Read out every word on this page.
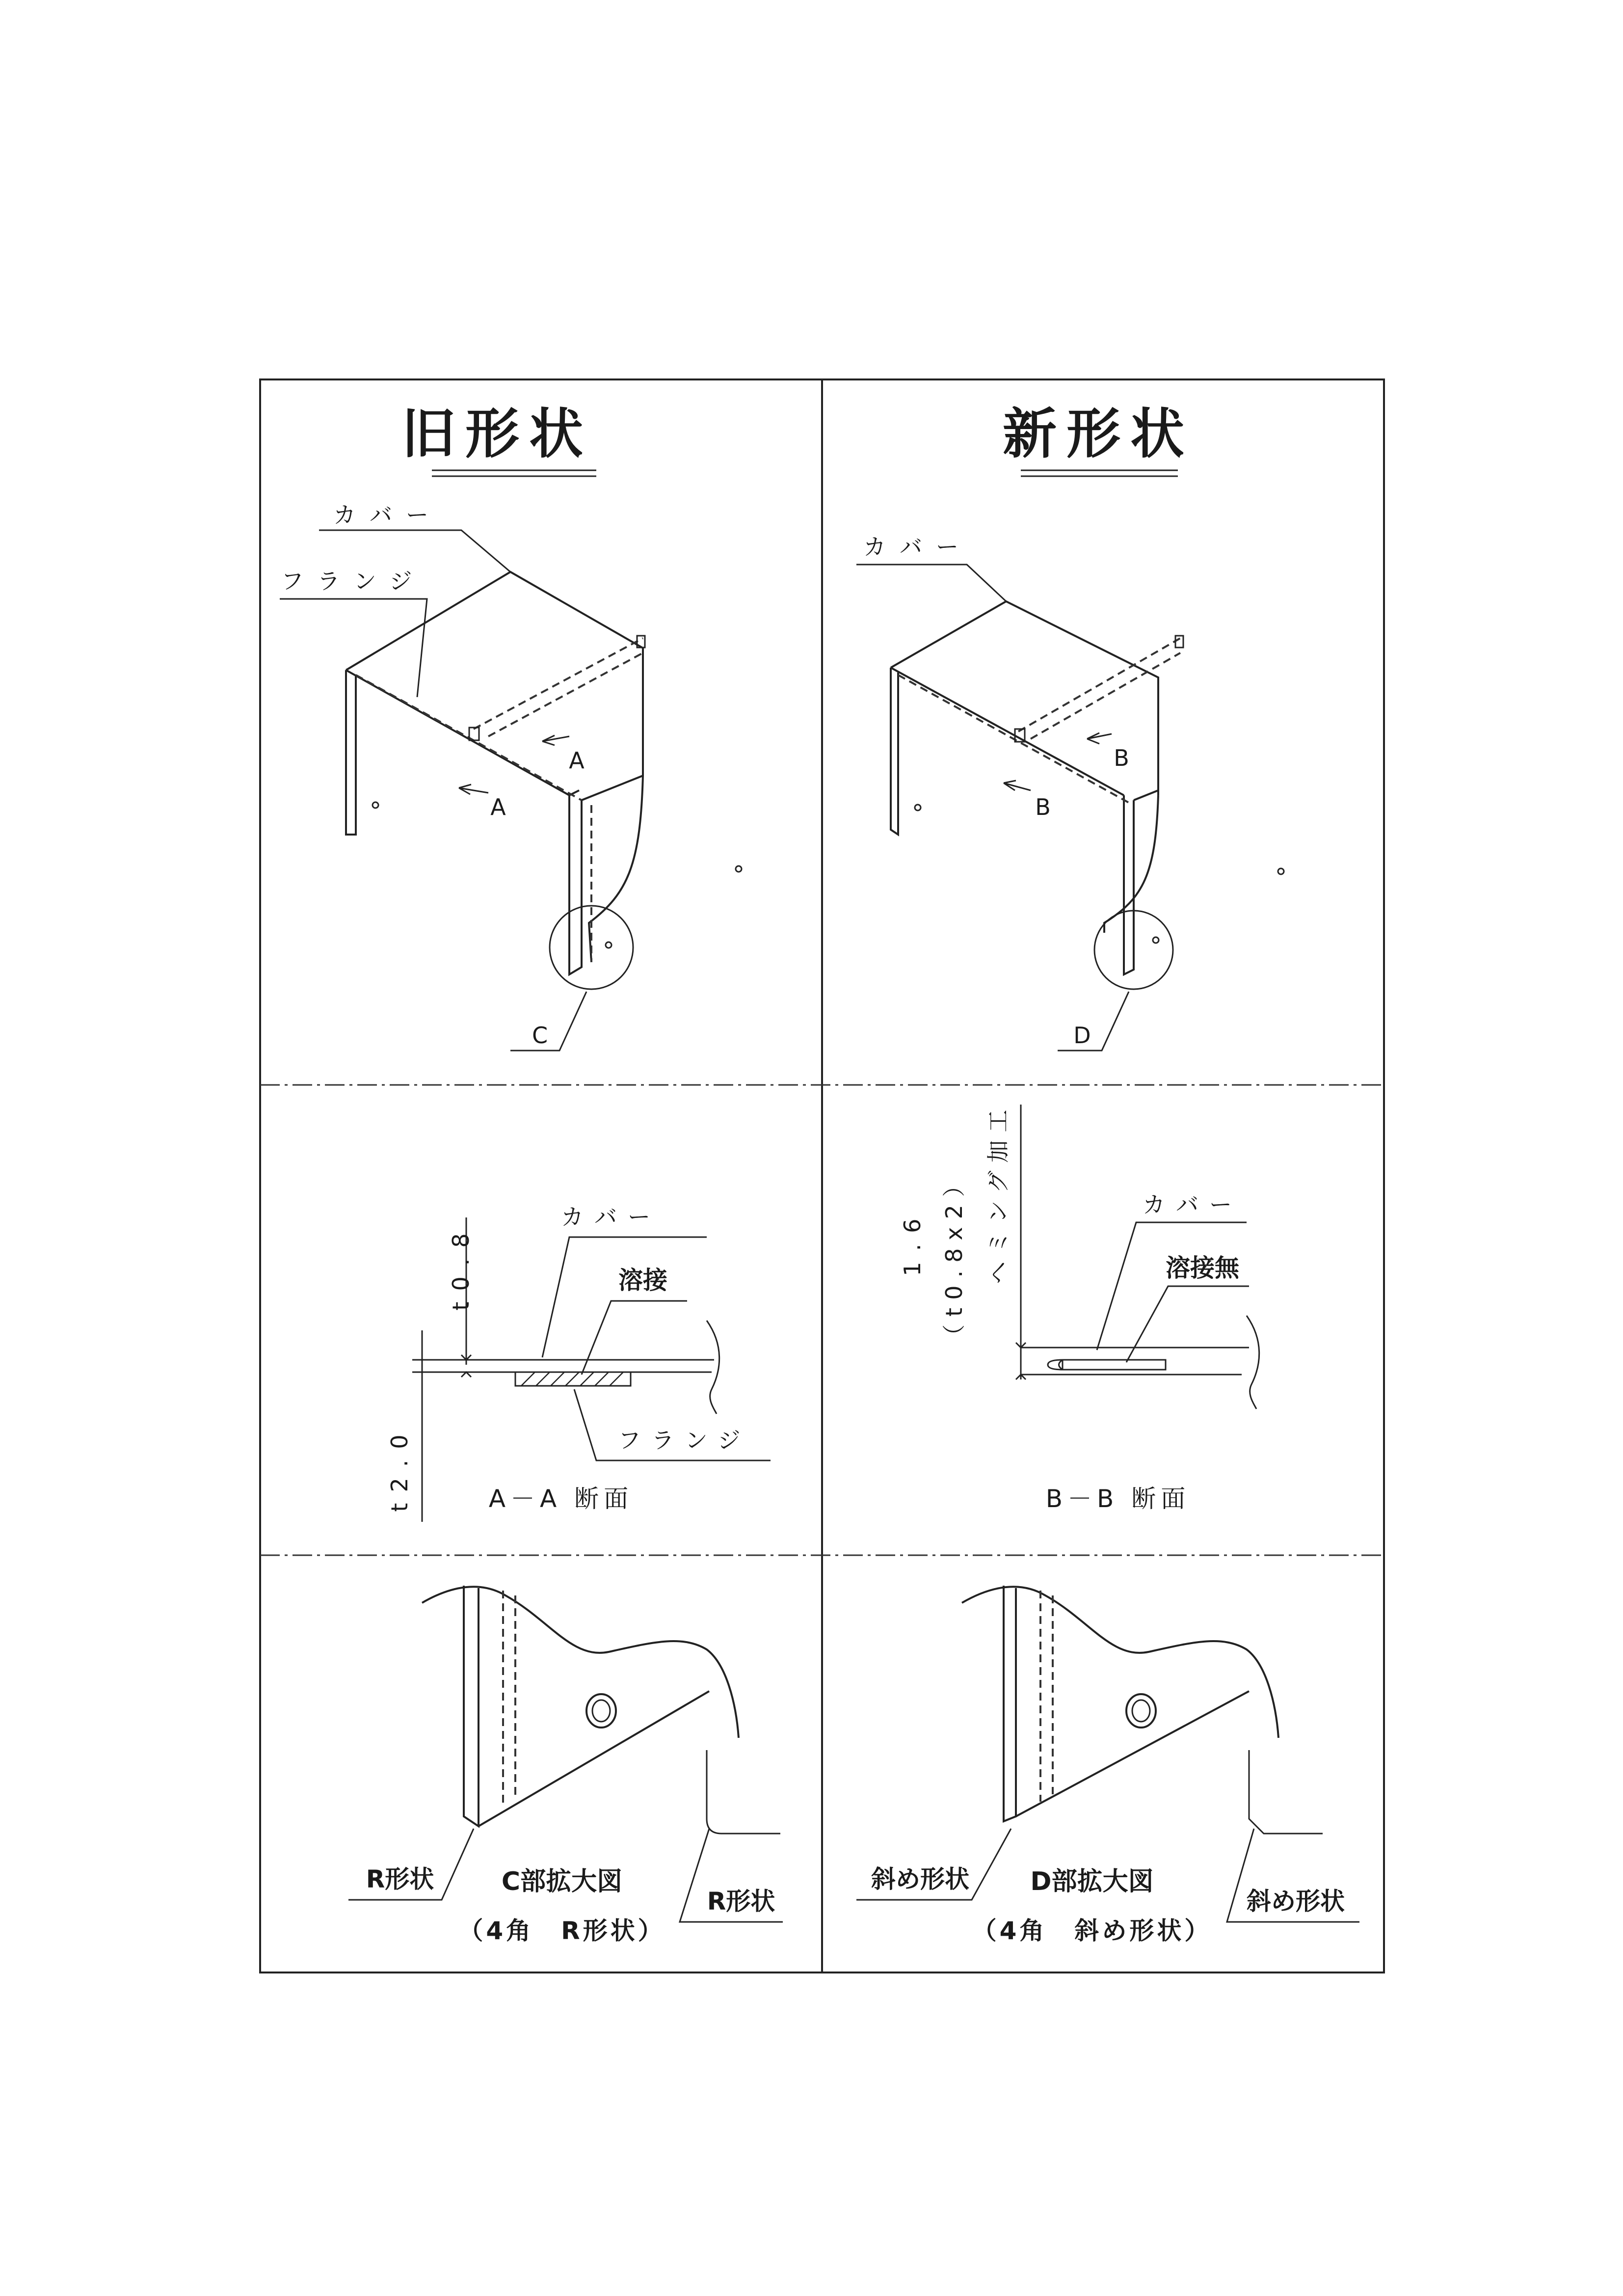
旧形状
カバー
フランジ
A
A
C
t0.8
t2.0
カバー
溶接
フランジ
A－A 断面
R形状
R形状
C部拡大図
（4角　R形状）
新形状
カバー
B
B
D
1.6 （t0.8x2） ヘミング加工	カバー
溶接無
B－B 断面
斜め形状
斜め形状
D部拡大図
（4角　斜め形状）
